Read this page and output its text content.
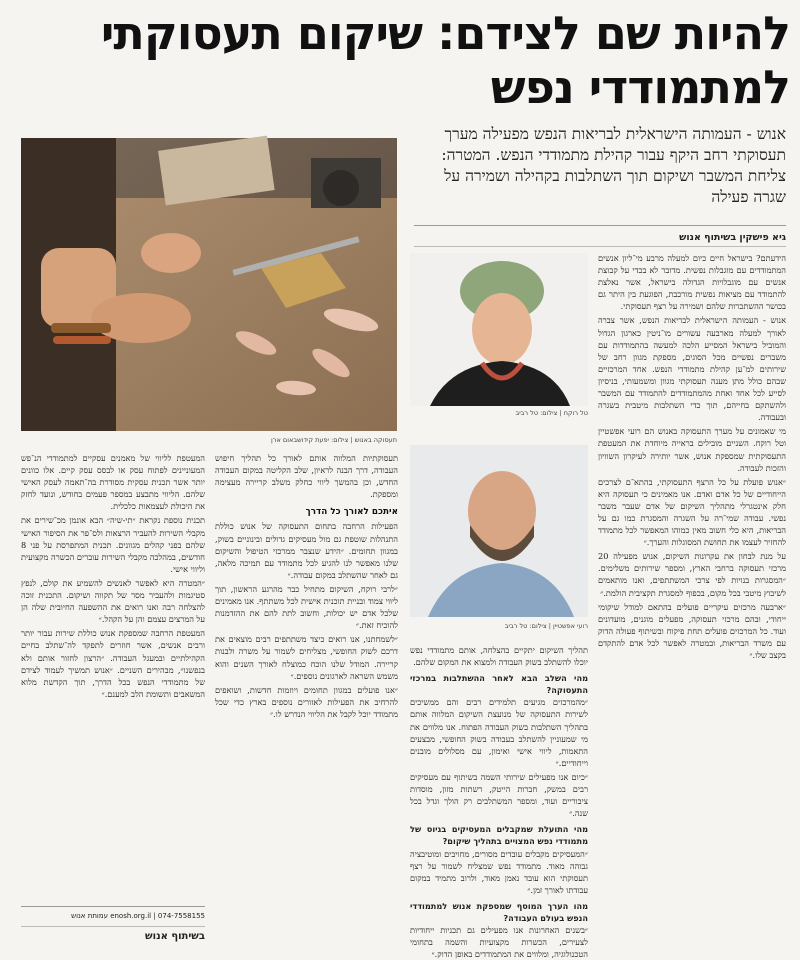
להיות שם לצידם: שיקום תעסוקתי
למתמודדי נפש
אנוש - העמותה הישראלית לבריאות הנפש מפעילה מערך תעסוקתי רחב היקף עבור קהילת מתמודדי הנפש. המטרה: צליחת המשבר ושיקום תוך השתלבות בקהילה ושמירה על שגרה פעילה
גיא פישקין בשיתוף אנוש
תעסוקה באנוש | צילום: יפעת קידושבאום ארן
טל רוקח | צילום: טל רביב
רועי אפשטיין | צילום: טל רביב

הידעתם? בישראל חיים כיום למעלה מרבע מי־ליון אנשים המתמודדים עם מוגבלות נפשית. מדובר לא בכדי על קבוצת אנשים עם מוגבלויות הגדולה בישראל, אשר נאלצת להתמודד עם מציאות נפשית מורכבת, הפוגעת בין היתר גם בכושר ההשתכרות שלהם ושמירה על רצף תעסוקתי.

אנוש - העמותה הישראלית לבריאות הנפש, אשר צברה לאורך למעלה מארבעה עשורים מו־ניטין כארגון הגדול והמוביל בישראל המסייע הלכה למעשה בהתמודדות עם משברים נפשיים מכל הסוגים, מספקת מגוון רחב של שירותים למ־ען קהילת מתמודדי הנפש. אחד המרכזיים שבהם כולל מתן מענה תעסוקתי מגוון ומשמעותי, בניסיון לסייע לכל אחד ואחת מהמתמודדים להתמודד עם המשבר ולהשתקם בחייהם, תוך כדי השתלבות מיטבית בשגרה ובעבודה.

מי שאמונים על מערך התעסוקה באנוש הם רועי אפשטיין וטל רוקח. השניים מובילים בראייה מיוחדת את המעטפת התעסוקתית שמספקת אנוש, אשר יותירה לעיקרון השוויון והזכות לעבודה.

״אנוש פועלת על כל הרצף התעסוקתי, בהתא־ם לצרכים הייחודיים של כל אדם ואדם. אנו מאמינים כי תעסוקה היא חלק אינטגרלי מתהליך השיקום של אדם שעבר משבר נפשי. עבודה שמי־רה על השגרה והמסגרת כמו גם על הבריאות, היא כלי חשוב מאין כמוהו המאפשר לכל מתמודד להחזיר לעצמו את תחושת המסוגלות והערך.״

על מנת לבחון את עקרונות השיקום, אנוש מפעילה 20 מרכזי תעסוקה ברחבי הארץ, ומספר שירותים משלימים. ״המסגרות בנויות לפי צרכי המשתתפים, ואנו מותאמים לשיבוץ מיטבי בכל מקום, בכפוף למסגרת תקציבית הולמת.״

״ארבעה מרכזים עיקריים פועלים בהתאם למודל שיקומי ייחודי, ובהם מרכזי תעסוקה, מפעלים מוגנים, מועדונים ועוד. כל המרכזים פועלים תחת פיקוח ובשיתוף פעולה הדוק עם משרד הבריאות, ובמטרה לאפשר לכל אדם להתקדם בקצב שלו.״

תהליך השיקום יתקיים בהצלחה, אותם מתמודדי נפש יוכלו להשתלב בשוק העבודה ולמצוא את המקום שלהם.

מהי השלב הבא לאחר ההשתלבות במרכזי התעסוקה?

״מהמרכזים מגיעים תלמידים רבים והם ממשיכים לשירות התעסוקה של מנועצת השיקום המלווה אותם בתהליך השתלבות בשוק העבודה הפתוח. אנו מלווים את מי שמעוניין להשתלב בעבודה בשוק החופשי, מבצעים התאמות, ליווי אישי ואימון, עם מסלולים מובנים וייחודיים.״

״כיום אנו מפעילים שירותי השמה בשיתוף עם מעסיקים רבים במשק, חברות הייטק, רשתות מזון, מוסדות ציבוריים ועוד, ומספר המשתלבים רק הולך וגדל בכל שנה.״

מהי התועלת שמקבלים המעסיקים בגיוס של מתמודדי נפש המצויים בתהליך שיקום?

״המעסיקים מקבלים עובדים מסורים, מחויבים ומוטיבציה גבוהה מאוד. מתמודד נפש שמצליח לשמור על רצף תעסוקתי הוא עובד נאמן מאוד, ולרוב מתמיד במקום עבודתו לאורך זמן.״

מהו הערך המוסף שמספקת אנוש למתמודדי הנפש בעולם העבודה?

״בשנים האחרונות אנו מפעילים גם תכניות ייחודיות לצעירים, הכשרות מקצועיות והשמה בתחומי הטכנולוגיה, ומלווים את המתמודדים באופן הדוק.״

תעסוקתיות המלווה אותם לאורך כל תהליך חיפוש העבודה, דרך הבנה לראיון, שלב הקליטה במקום העבודה החדש, וכן בהמשך ליווי כחלק משלב קריירה מעצימה ומספקת.

איתכם לאורך כל הדרך

הפעילות הרחבה בתחום התעסוקה של אנוש כוללת התנהלות שוטפת גם מול מעסיקים גדולים ובינוניים בשוק, במגוון תחומים. ״הידע שנצבר ממרכזי הטיפול והשיקום שלנו מאפשר לנו להגיע לכל מתמודד עם תמיכה מלאה, גם לאחר שהשתלב במקום עבודה.״

״לרבי רוקח, השיקום מתחיל כבר מהרגע הראשון, תוך ליווי צמוד ובניית תוכנית אישית לכל משתתף. אנו מאמינים שלכל אדם יש יכולות, וחשוב לתת להם את ההזדמנות להוכיח זאת.״

״לשמחתנו, אנו רואים כיצד משתתפים רבים מוצאים את דרכם לשוק החופשי, מצליחים לשמור על משרה ולבנות קריירה. המודל שלנו הוכח כמוצלח לאורך השנים והוא משמש השראה לארגונים נוספים.״

״אנו פועלים במגוון תחומים ויוזמות חדשות, ושואפים להרחיב את הפעילות לאזורים נוספים בארץ כדי שכל מתמודד יוכל לקבל את הליווי הנדרש לו.״

המעטפת לליווי של מאמנים עסקיים למתמודדי הנ־פש המעוניינים לפתוח עסק או לבסס עסק קיים. אלו כוונים יותר אשר תכנית עסקית מסודרת בה־תאמה לעסק האישי שלהם. הליווי מתבצע במספר פעמים בחודש, ונועד לחזק את היכולת לעצמאות כלכלית.

תכנית נוספת נקראת ״תי-שיה״ הבא אונמן מכ־שירים את מקבלי השירות להעביר הרצאות ולס־פר את הסיפור האישי שלהם בפני קהלים מגוונים. תכנית המתפרסת על פני 8 חודשים, במהלכה מקבלי השירות עוברים הכשרה מקצועית וליווי אישי.

״המטרה היא לאפשר לאנשים להשמיע את קולם, לנפץ סטיגמות ולהעביר מסר של תקווה ושיקום. התכנית זוכה להצלחה רבה ואנו רואים את ההשפעה החיובית שלה הן על המרצים עצמם והן על הקהל.״

המעטפת הרחבה שמספקת אנוש כוללת שירות עבור יותר ורבים אנשים, אשר חוזרים לתפקד לה־שתלב בחיים הקהילתיים ובמעגל העבודה. ״הרצון לחזור אותם ולא בנפשנו״, מבהירים השניים. ״אנוש תמשיך לעמוד לצידם של מתמודדי הנפש בכל הדרך, תוך הקדשת מלוא המשאבים ותשומת הלב למענם.״

enosh.org.il | 074-7558155 עמותת אנוש
בשיתוף אנוש
